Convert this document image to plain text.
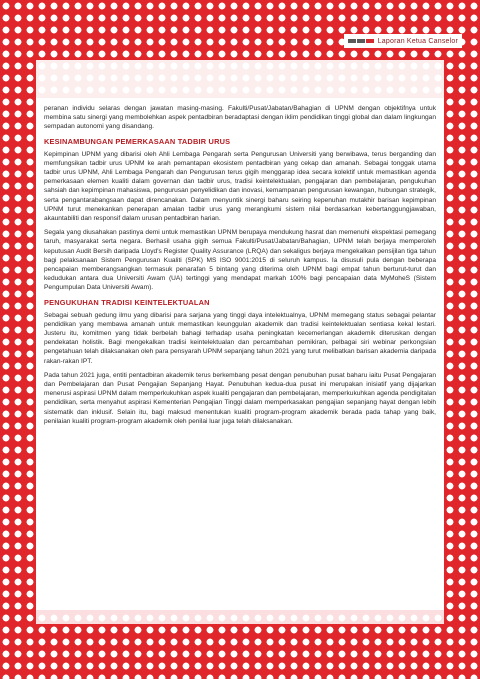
Laporan Ketua Canselor

peranan individu selaras dengan jawatan masing-masing. Fakulti/Pusat/Jabatan/Bahagian di UPNM dengan objektifnya untuk membina satu sinergi yang membolehkan aspek pentadbiran beradaptasi dengan iklim pendidikan tinggi global dan dalam lingkungan sempadan autonomi yang disandang.

KESINAMBUNGAN PEMERKASAAN TADBIR URUS

Kepimpinan UPNM yang dibarisi oleh Ahli Lembaga Pengarah serta Pengurusan Universiti yang berwibawa, terus berganding dan memfungsikan tadbir urus UPNM ke arah pemantapan ekosistem pentadbiran yang cekap dan amanah. Sebagai tonggak utama tadbir urus UPNM, Ahli Lembaga Pengarah dan Pengurusan terus gigih menggarap idea secara kolektif untuk memastikan agenda pemerkasaan elemen kualiti dalam governan dan tadbir urus, tradisi keintelektualan, pengajaran dan pembelajaran, pengukuhan sahsiah dan kepimpinan mahasiswa, pengurusan penyelidikan dan inovasi, kemampanan pengurusan kewangan, hubungan strategik, serta pengantarabangsaan dapat direncanakan. Dalam menyuntik sinergi baharu seiring kepenuhan mutakhir barisan kepimpinan UPNM turut menekankan penerapan amalan tadbir urus yang merangkumi sistem nilai berdasarkan kebertanggungjawaban, akauntabiliti dan responsif dalam urusan pentadbiran harian.

Segala yang diusahakan pastinya demi untuk memastikan UPNM berupaya mendukung hasrat dan memenuhi ekspektasi pemegang taruh, masyarakat serta negara. Berhasil usaha gigih semua Fakulti/Pusat/Jabatan/Bahagian, UPNM telah berjaya memperoleh keputusan Audit Bersih daripada Lloyd's Register Quality Assurance (LRQA) dan sekaligus berjaya mengekalkan pensijilan tiga tahun bagi pelaksanaan Sistem Pengurusan Kualiti (SPK) MS ISO 9001:2015 di seluruh kampus. Ia disusuli pula dengan beberapa pencapaian memberangsangkan termasuk penarafan 5 bintang yang diterima oleh UPNM bagi empat tahun berturut-turut dan kedudukan antara dua Universiti Awam (UA) tertinggi yang mendapat markah 100% bagi pencapaian data MyMoheS (Sistem Pengumpulan Data Universiti Awam).

PENGUKUHAN TRADISI KEINTELEKTUALAN

Sebagai sebuah gedung ilmu yang dibarisi para sarjana yang tinggi daya intelektualnya, UPNM memegang status sebagai pelantar pendidikan yang membawa amanah untuk memastikan keunggulan akademik dan tradisi keintelektualan sentiasa kekal lestari. Justeru itu, komitmen yang tidak berbelah bahagi terhadap usaha peningkatan kecemerlangan akademik diteruskan dengan pendekatan holistik. Bagi mengekalkan tradisi keintelektualan dan percambahan pemikiran, pelbagai siri webinar perkongsian pengetahuan telah dilaksanakan oleh para pensyarah UPNM sepanjang tahun 2021 yang turut melibatkan barisan akademia daripada rakan-rakan IPT.

Pada tahun 2021 juga, entiti pentadbiran akademik terus berkembang pesat dengan penubuhan pusat baharu iaitu Pusat Pengajaran dan Pembelajaran dan Pusat Pengajian Sepanjang Hayat. Penubuhan kedua-dua pusat ini merupakan inisiatif yang dijajarkan menerusi aspirasi UPNM dalam memperkukuhkan aspek kualiti pengajaran dan pembelajaran, memperkukuhkan agenda pendigitalan pendidikan, serta menyahut aspirasi Kementerian Pengajian Tinggi dalam memperkasakan pengajian sepanjang hayat dengan lebih sistematik dan inklusif. Selain itu, bagi maksud menentukan kualiti program-program akademik berada pada tahap yang baik, penilaian kualiti program-program akademik oleh penilai luar juga telah dilaksanakan.
